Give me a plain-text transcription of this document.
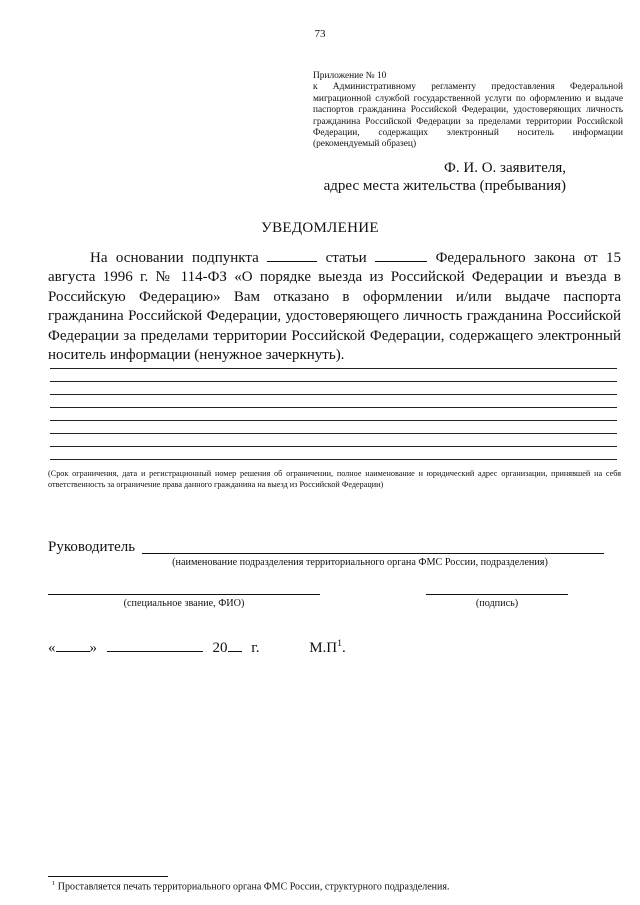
73
Приложение № 10
к Административному регламенту предоставления Федеральной миграционной службой государственной услуги по оформлению и выдаче паспортов гражданина Российской Федерации, удостоверяющих личность гражданина Российской Федерации за пределами территории Российской Федерации, содержащих электронный носитель информации (рекомендуемый образец)
Ф. И. О. заявителя,
адрес места жительства (пребывания)
УВЕДОМЛЕНИЕ

На основании подпункта	статьи	Федерального закона от 15 августа 1996 г. № 114-ФЗ «О порядке выезда из Российской Федерации и въезда в Российскую Федерацию» Вам отказано в оформлении и/или выдаче паспорта гражданина Российской Федерации, удостоверяющего личность гражданина Российской Федерации за пределами территории Российской Федерации, содержащего электронный носитель информации (ненужное зачеркнуть).

(Срок ограничения, дата и регистрационный номер решения об ограничении, полное наименование и юридический адрес организации, принявшей на себя ответственность за ограничение права данного гражданина на выезд из Российской Федерации)
Руководитель
(наименование подразделения территориального органа ФМС России, подразделения)
(специальное звание, ФИО)	(подпись)
« »	20 г.	$М.П^1$.
$^1$ Проставляется печать территориального органа ФМС России, структурного подразделения.
